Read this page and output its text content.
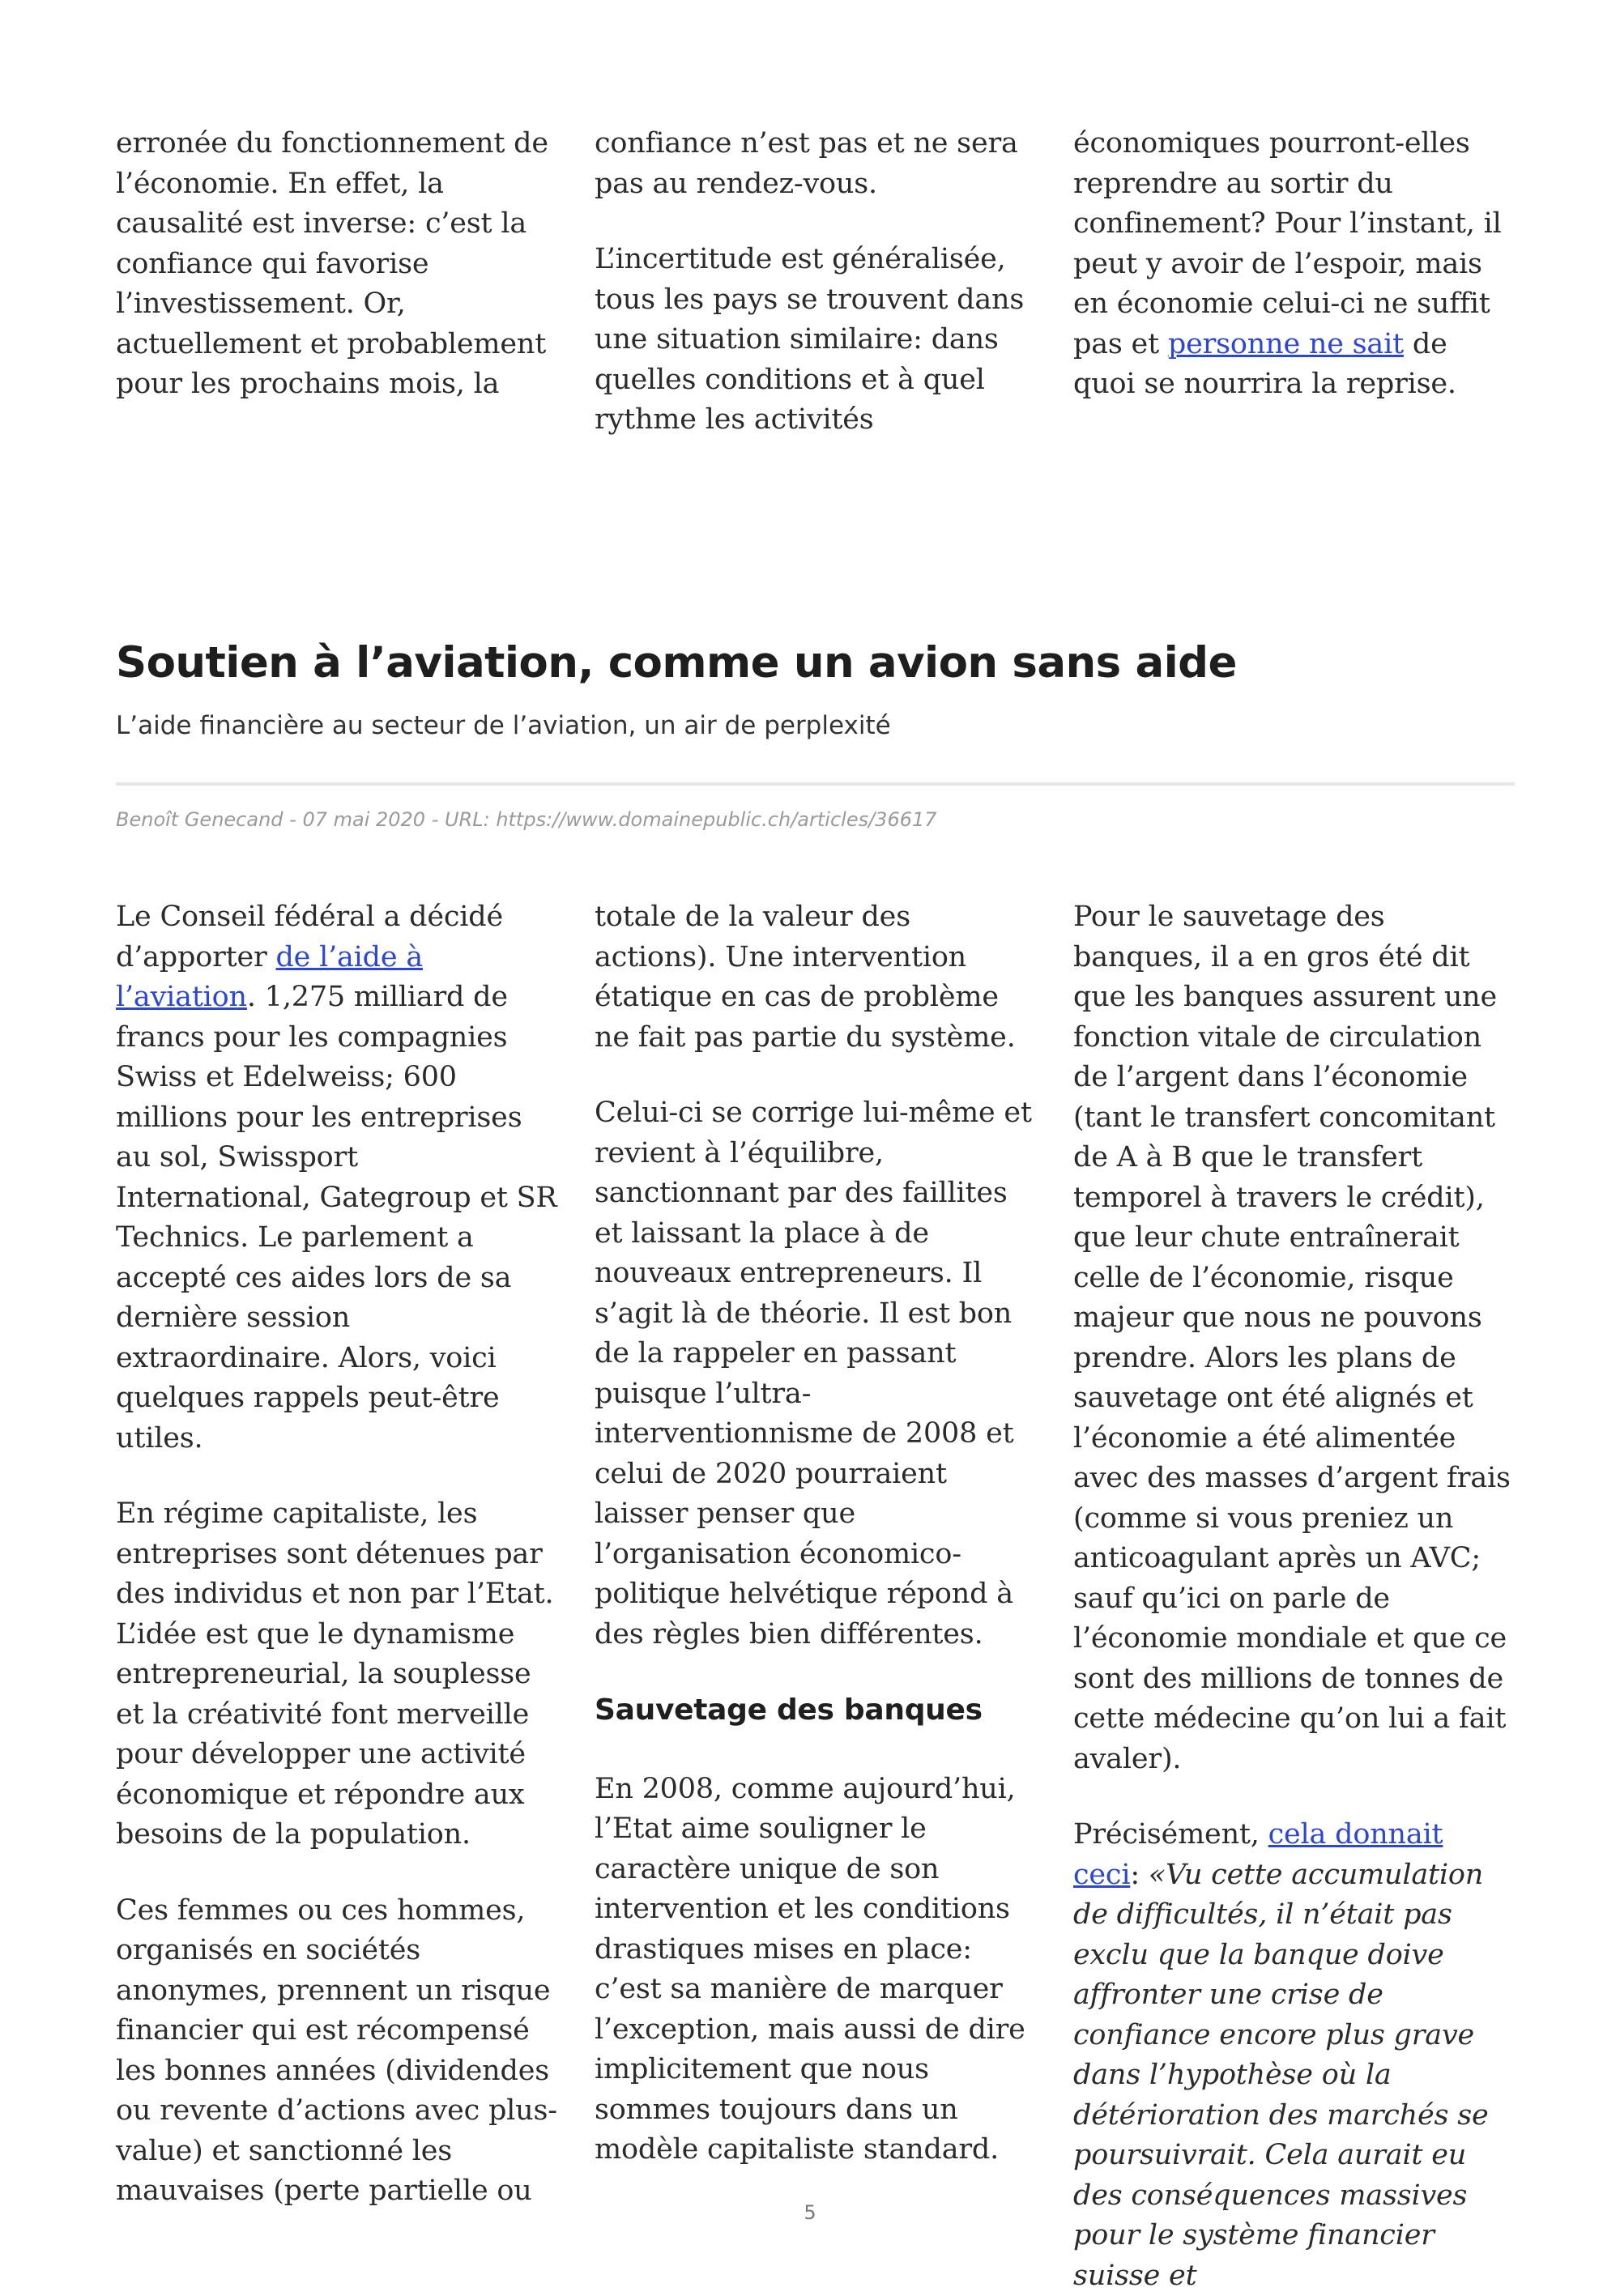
erronée du fonctionnement de l’économie. En effet, la causalité est inverse: c’est la confiance qui favorise l’investissement. Or, actuellement et probablement pour les prochains mois, la

confiance n’est pas et ne sera pas au rendez-vous.

L’incertitude est généralisée, tous les pays se trouvent dans une situation similaire: dans quelles conditions et à quel rythme les activités

économiques pourront-elles reprendre au sortir du confinement? Pour l’instant, il peut y avoir de l’espoir, mais en économie celui-ci ne suffit pas et personne ne sait de quoi se nourrira la reprise.

Soutien à l’aviation, comme un avion sans aide
L’aide financière au secteur de l’aviation, un air de perplexité
Benoît Genecand - 07 mai 2020 - URL: https://www.domainepublic.ch/articles/36617

Le Conseil fédéral a décidé d’apporter de l’aide à l’aviation. 1,275 milliard de francs pour les compagnies Swiss et Edelweiss; 600 millions pour les entreprises au sol, Swissport International, Gategroup et SR Technics. Le parlement a accepté ces aides lors de sa dernière session extraordinaire. Alors, voici quelques rappels peut-être utiles.

En régime capitaliste, les entreprises sont détenues par des individus et non par l’Etat. L’idée est que le dynamisme entrepreneurial, la souplesse et la créativité font merveille pour développer une activité économique et répondre aux besoins de la population.

Ces femmes ou ces hommes, organisés en sociétés anonymes, prennent un risque financier qui est récompensé les bonnes années (dividendes ou revente d’actions avec plus-value) et sanctionné les mauvaises (perte partielle ou

totale de la valeur des actions). Une intervention étatique en cas de problème ne fait pas partie du système.

Celui-ci se corrige lui-même et revient à l’équilibre, sanctionnant par des faillites et laissant la place à de nouveaux entrepreneurs. Il s’agit là de théorie. Il est bon de la rappeler en passant puisque l’ultra-interventionnisme de 2008 et celui de 2020 pourraient laisser penser que l’organisation économico-politique helvétique répond à des règles bien différentes.

Sauvetage des banques

En 2008, comme aujourd’hui, l’Etat aime souligner le caractère unique de son intervention et les conditions drastiques mises en place: c’est sa manière de marquer l’exception, mais aussi de dire implicitement que nous sommes toujours dans un modèle capitaliste standard.

Pour le sauvetage des banques, il a en gros été dit que les banques assurent une fonction vitale de circulation de l’argent dans l’économie (tant le transfert concomitant de A à B que le transfert temporel à travers le crédit), que leur chute entraînerait celle de l’économie, risque majeur que nous ne pouvons prendre. Alors les plans de sauvetage ont été alignés et l’économie a été alimentée avec des masses d’argent frais (comme si vous preniez un anticoagulant après un AVC; sauf qu’ici on parle de l’économie mondiale et que ce sont des millions de tonnes de cette médecine qu’on lui a fait avaler).

Précisément, cela donnait ceci: «Vu cette accumulation de difficultés, il n’était pas exclu que la banque doive affronter une crise de confiance encore plus grave dans l’hypothèse où la détérioration des marchés se poursuivrait. Cela aurait eu des conséquences massives pour le système financier suisse et

5
